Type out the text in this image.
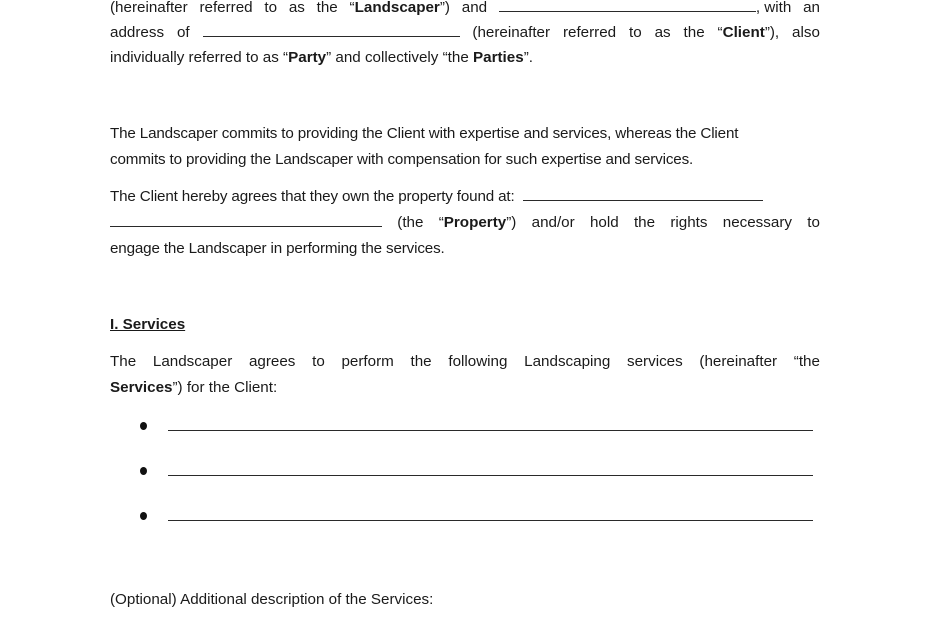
(hereinafter referred to as the “Landscaper”) and	, with an
address of	(hereinafter referred to as the “Client”), also
individually referred to as “Party” and collectively “the Parties”.
The Landscaper commits to providing the Client with expertise and services, whereas the Client
commits to providing the Landscaper with compensation for such expertise and services.
The Client hereby agrees that they own the property found at:
(the “Property”) and/or hold the rights necessary to
engage the Landscaper in performing the services.
I. Services
The Landscaper agrees to perform the following Landscaping services (hereinafter “the
Services”) for the Client:
(Optional) Additional description of the Services:
